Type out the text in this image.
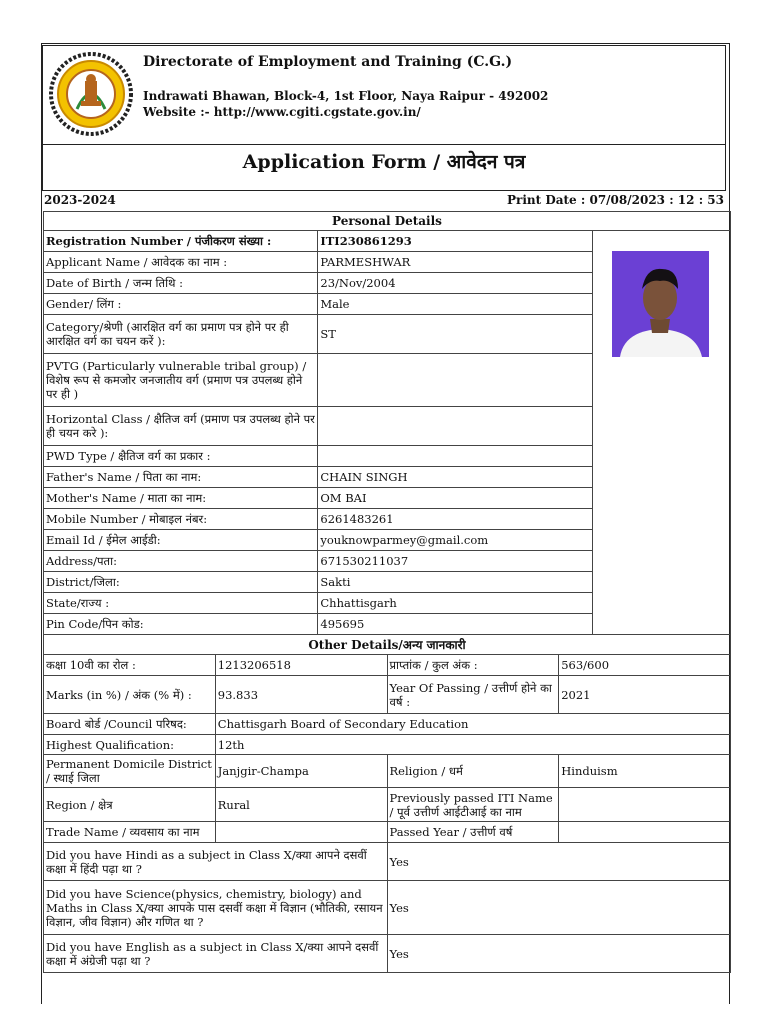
Directorate of Employment and Training (C.G.)
Indrawati Bhawan, Block-4, 1st Floor, Naya Raipur - 492002
Website :- http://www.cgiti.cgstate.gov.in/
Application Form / आवेदन पत्र
2023-2024	Print Date : 07/08/2023 : 12 : 53
Personal Details		
Registration Number / पंजीकरण संख्या :	ITI230861293	

Applicant Name / आवेदक का नाम :	PARMESHWAR	
Date of Birth / जन्म तिथि :	23/Nov/2004	
Gender/ लिंग :	Male	
Category/श्रेणी (आरक्षित वर्ग का प्रमाण पत्र होने पर ही आरक्षित वर्ग का चयन करें ):	ST	
PVTG (Particularly vulnerable tribal group) / विशेष रूप से कमजोर जनजातीय वर्ग (प्रमाण पत्र उपलब्ध होने पर ही )		
Horizontal Class / क्षैतिज वर्ग (प्रमाण पत्र उपलब्ध होने पर ही चयन करे ):		
PWD Type / क्षैतिज वर्ग का प्रकार :		
Father's Name / पिता का नाम:	CHAIN SINGH	
Mother's Name / माता का नाम:	OM BAI	
Mobile Number / मोबाइल नंबर:	6261483261	
Email Id / ईमेल आईडी:	youknowparmey@gmail.com	
Address/पता:	671530211037	
District/जिला:	Sakti	
State/राज्य :	Chhattisgarh	
Pin Code/पिन कोड:	495695	
Other Details/अन्य जानकारी			
कक्षा 10वी का रोल :	1213206518	प्राप्तांक / कुल अंक :	563/600
Marks (in %) / अंक (% में) :	93.833	Year Of Passing / उत्तीर्ण होने का वर्ष :	2021
Board बोर्ड /Council परिषद:	Chattisgarh Board of Secondary Education		
Highest Qualification:	12th		
Permanent Domicile District / स्थाई जिला	Janjgir-Champa	Religion / धर्म	Hinduism
Region / क्षेत्र	Rural	Previously passed ITI Name / पूर्व उत्तीर्ण आईटीआई का नाम	
Trade Name / व्यवसाय का नाम		Passed Year / उत्तीर्ण वर्ष	
Did you have Hindi as a subject in Class X/क्या आपने दसवीं कक्षा में हिंदी पढ़ा था ?		Yes	
Did you have Science(physics, chemistry, biology) and Maths in Class X/क्या आपके पास दसवीं कक्षा में विज्ञान (भौतिकी, रसायन विज्ञान, जीव विज्ञान) और गणित था ?		Yes	
Did you have English as a subject in Class X/क्या आपने दसवीं कक्षा में अंग्रेजी पढ़ा था ?		Yes	
